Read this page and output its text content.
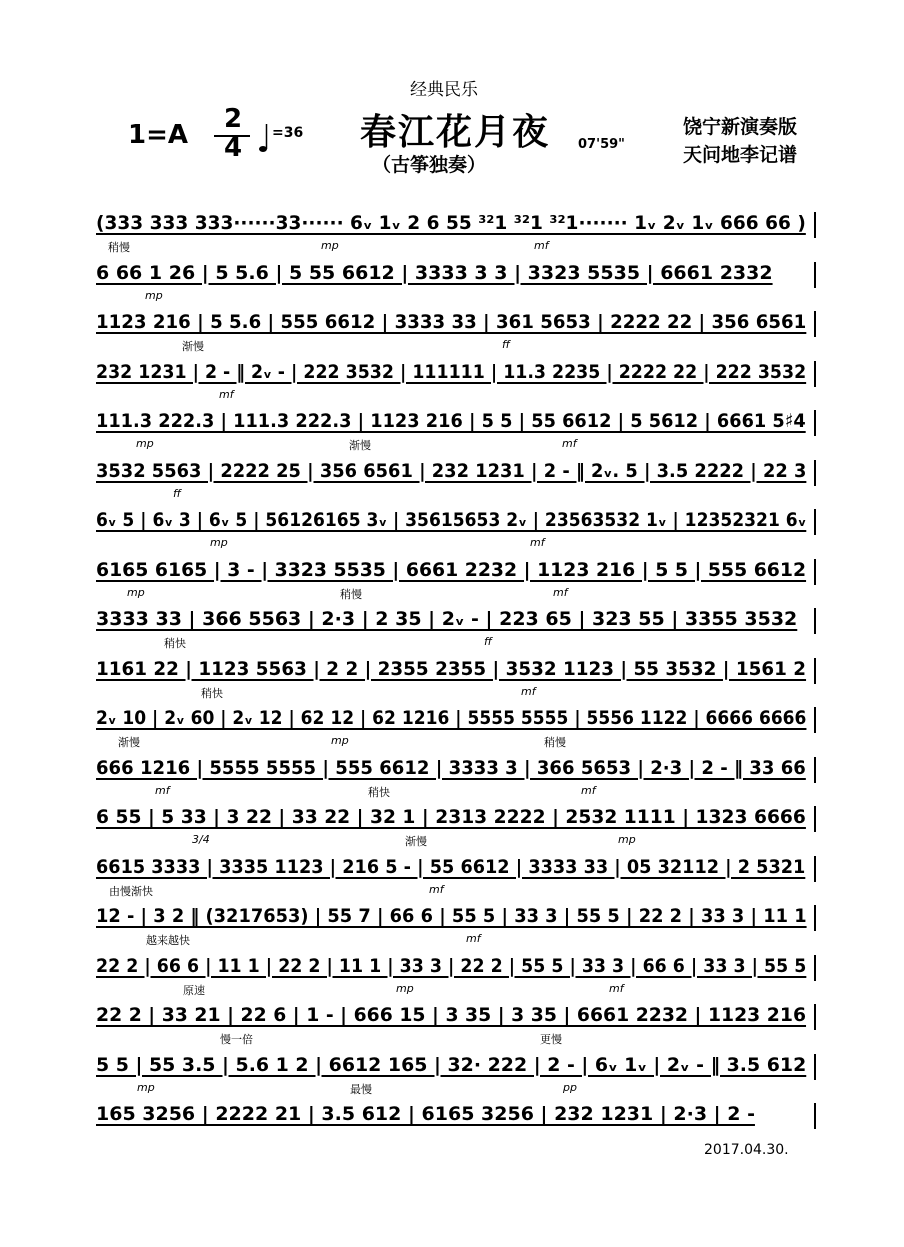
经典民乐
1=A
2
4	=36 春江花月夜
（古筝独奏）
07'59"
饶宁新演奏版
天问地李记谱
(333 333 333······33······ 6ᵥ 1ᵥ 2 6 55 ³²1 ³²1 ³²1······· 1ᵥ 2ᵥ 1ᵥ 666 66 )
稍慢	mp	mf
6 66 1 26 | 5 5.6 | 5 55 6612 | 3333 3 3 | 3323 5535 | 6661 2332
mp
1123 216 | 5 5.6 | 555 6612 | 3333 33 | 361 5653 | 2222 22 | 356 6561
渐慢	ff
232 1231 | 2 - ‖ 2ᵥ - | 222 3532 | 111111 | 11.3 2235 | 2222 22 | 222 3532
mf
111.3 222.3 | 111.3 222.3 | 1123 216 | 5 5 | 55 6612 | 5 5612 | 6661 5♯4
mp	渐慢	mf
3532 5563 | 2222 25 | 356 6561 | 232 1231 | 2 - ‖ 2ᵥ. 5 | 3.5 2222 | 22 3
ff
6ᵥ 5 | 6ᵥ 3 | 6ᵥ 5 | 56126165 3ᵥ | 35615653 2ᵥ | 23563532 1ᵥ | 12352321 6ᵥ
mp	mf
6165 6165 | 3 - | 3323 5535 | 6661 2232 | 1123 216 | 5 5 | 555 6612
mp	稍慢	mf
3333 33 | 366 5563 | 2·3 | 2 35 | 2ᵥ - | 223 65 | 323 55 | 3355 3532
稍快	ff
1161 22 | 1123 5563 | 2 2 | 2355 2355 | 3532 1123 | 55 3532 | 1561 2
稍快	mf
2ᵥ 10 | 2ᵥ 60 | 2ᵥ 12 | 62 12 | 62 1216 | 5555 5555 | 5556 1122 | 6666 6666
渐慢	mp	稍慢
666 1216 | 5555 5555 | 555 6612 | 3333 3 | 366 5653 | 2·3 | 2 - ‖ 33 66
mf	稍快	mf
6 55 | 5 33 | 3 22 | 33 22 | 32 1 | 2313 2222 | 2532 1111 | 1323 6666
3/4	渐慢	mp
6615 3333 | 3335 1123 | 216 5 - | 55 6612 | 3333 33 | 05 32112 | 2 5321
由慢渐快	mf
12 - | 3 2 ‖ (3217653) | 55 7 | 66 6 | 55 5 | 33 3 | 55 5 | 22 2 | 33 3 | 11 1
越来越快	mf
22 2 | 66 6 | 11 1 | 22 2 | 11 1 | 33 3 | 22 2 | 55 5 | 33 3 | 66 6 | 33 3 | 55 5
原速	mp	mf
22 2 | 33 21 | 22 6 | 1 - | 666 15 | 3 35 | 3 35 | 6661 2232 | 1123 216
慢一倍	更慢
5 5 | 55 3.5 | 5.6 1 2 | 6612 165 | 32· 222 | 2 - | 6ᵥ 1ᵥ | 2ᵥ - ‖ 3.5 612
mp	最慢	pp
165 3256 | 2222 21 | 3.5 612 | 6165 3256 | 232 1231 | 2·3 | 2 -
2017.04.30.
